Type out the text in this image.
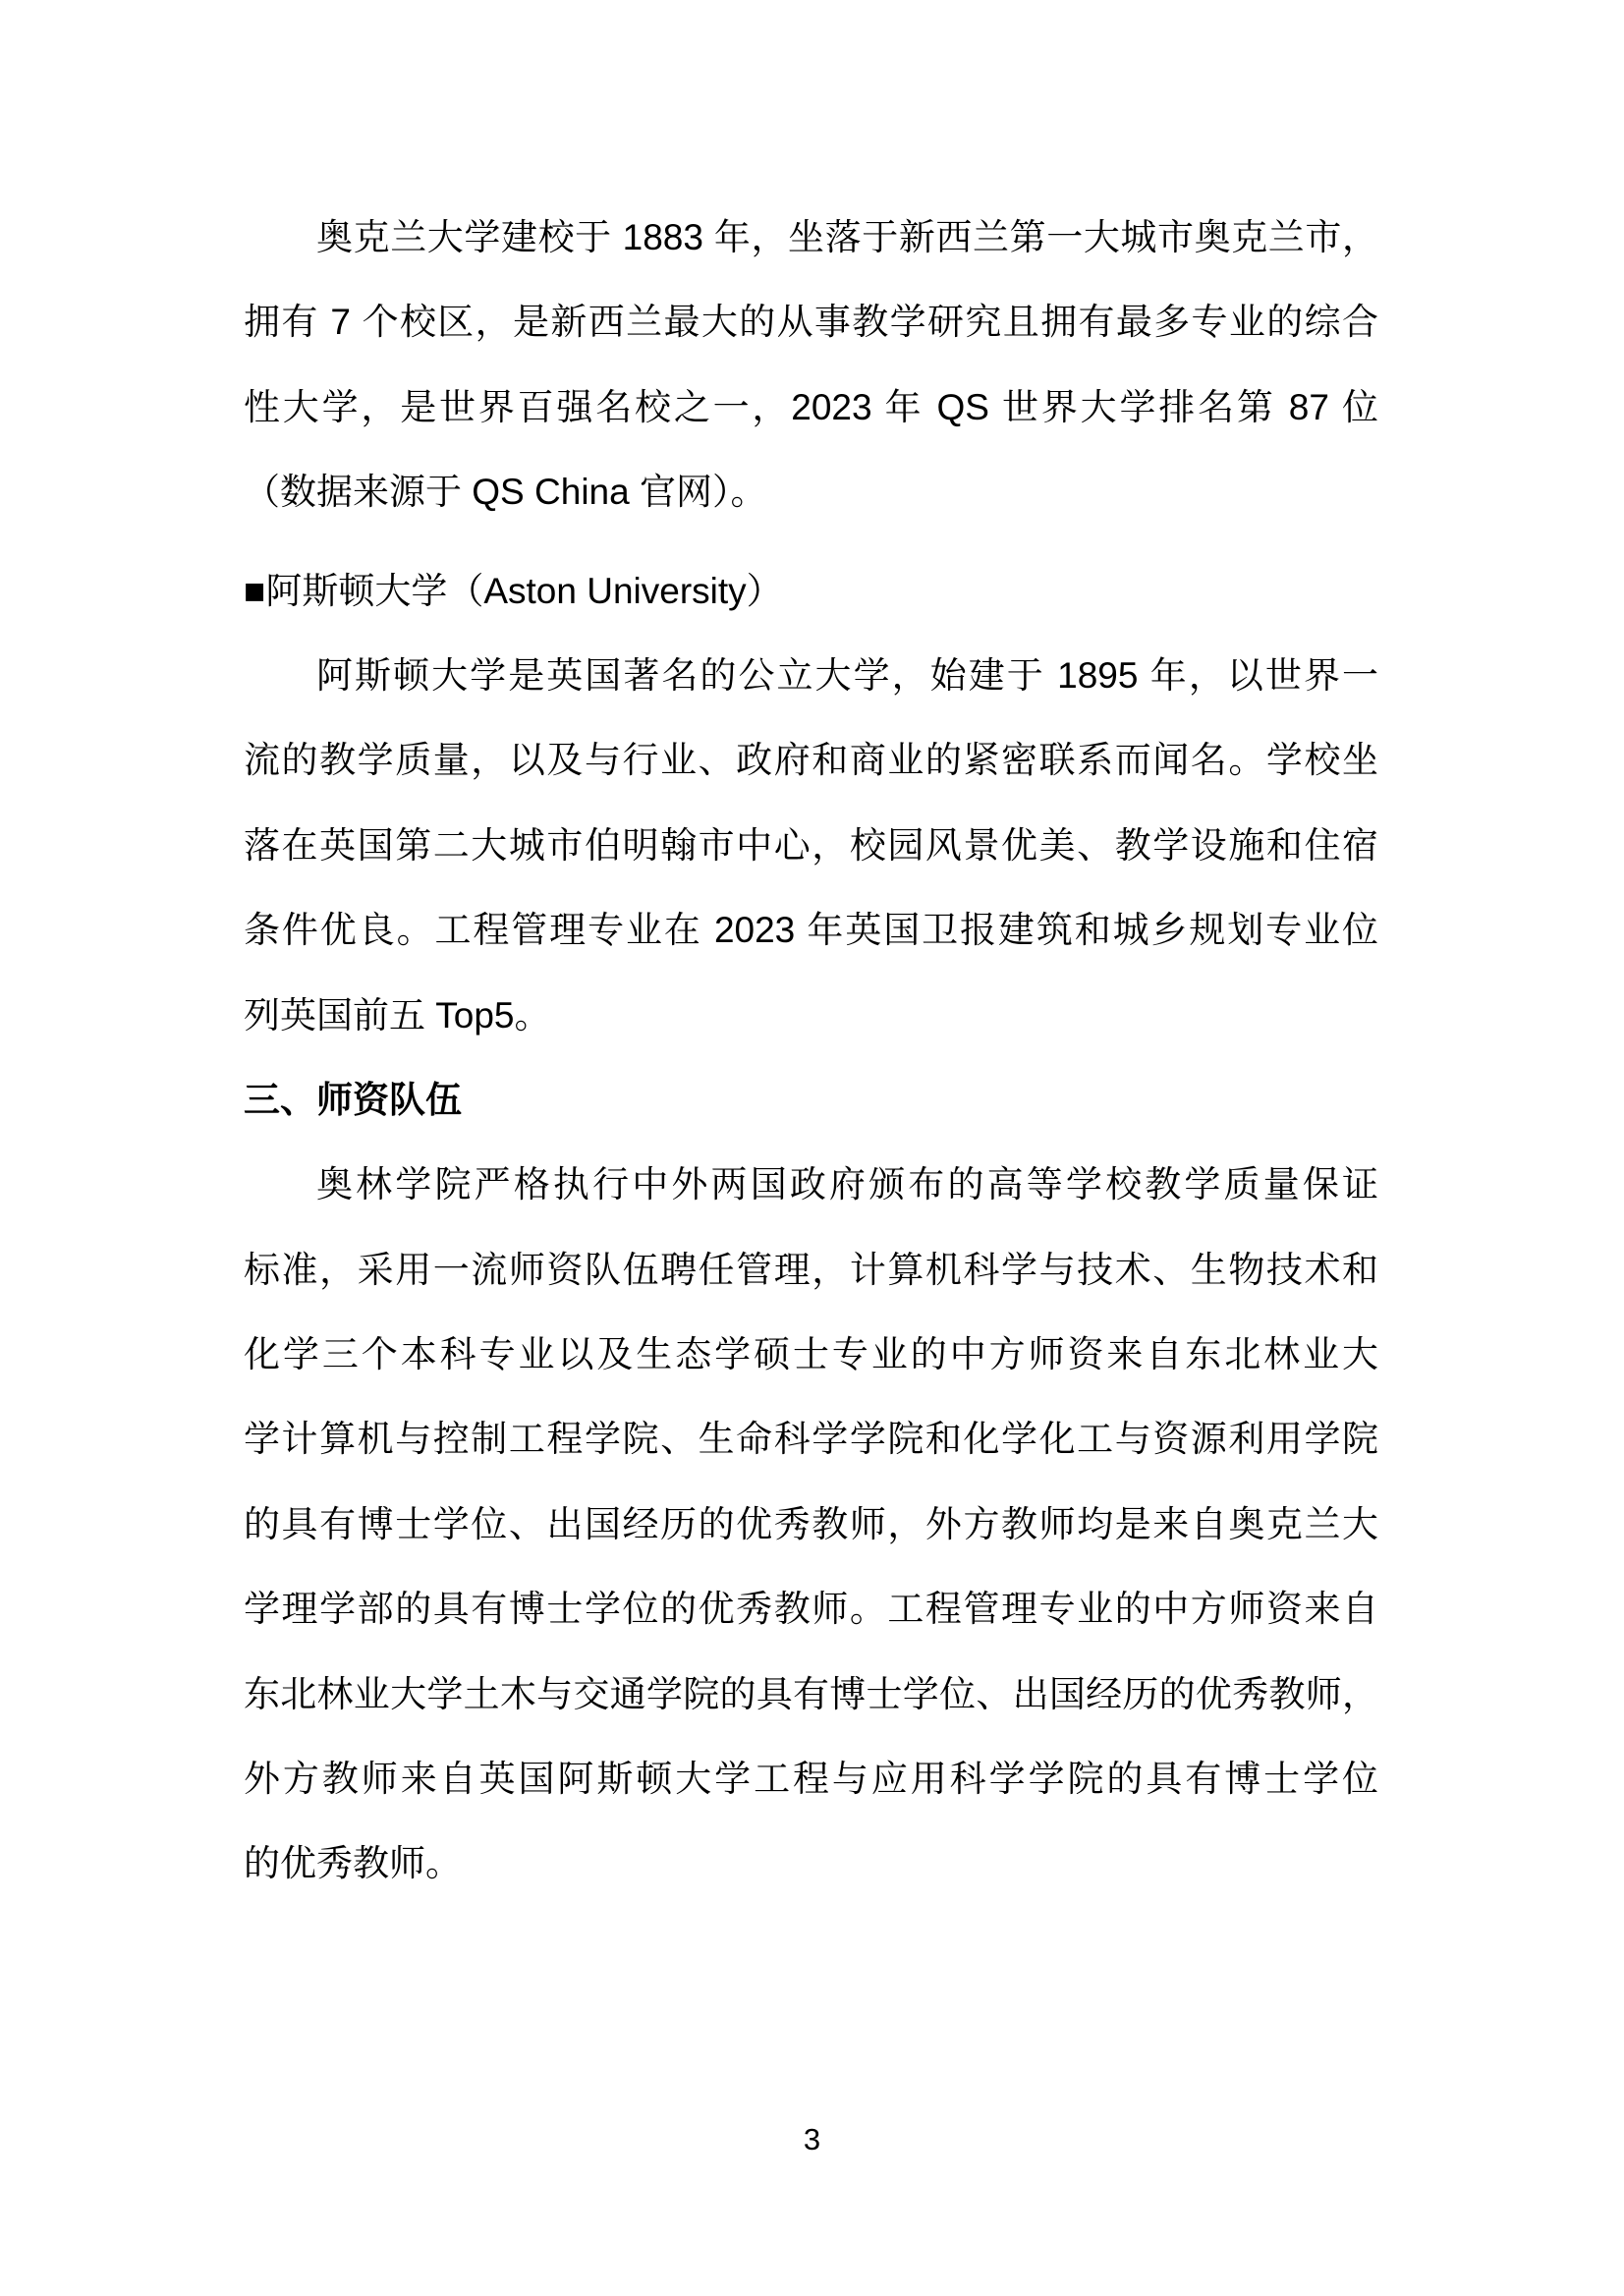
奥克兰大学建校于 1883 年，坐落于新西兰第一大城市奥克兰市，
拥有 7 个校区，是新西兰最大的从事教学研究且拥有最多专业的综合
性大学，是世界百强名校之一，2023 年 QS 世界大学排名第 87 位
（数据来源于 QS China 官网）。
■阿斯顿大学（Aston University）
阿斯顿大学是英国著名的公立大学，始建于 1895 年，以世界一
流的教学质量，以及与行业、政府和商业的紧密联系而闻名。学校坐
落在英国第二大城市伯明翰市中心，校园风景优美、教学设施和住宿
条件优良。工程管理专业在 2023 年英国卫报建筑和城乡规划专业位
列英国前五 Top5。
三、师资队伍
奥林学院严格执行中外两国政府颁布的高等学校教学质量保证
标准，采用一流师资队伍聘任管理，计算机科学与技术、生物技术和
化学三个本科专业以及生态学硕士专业的中方师资来自东北林业大
学计算机与控制工程学院、生命科学学院和化学化工与资源利用学院
的具有博士学位、出国经历的优秀教师，外方教师均是来自奥克兰大
学理学部的具有博士学位的优秀教师。工程管理专业的中方师资来自
东北林业大学土木与交通学院的具有博士学位、出国经历的优秀教师，
外方教师来自英国阿斯顿大学工程与应用科学学院的具有博士学位
的优秀教师。
3
